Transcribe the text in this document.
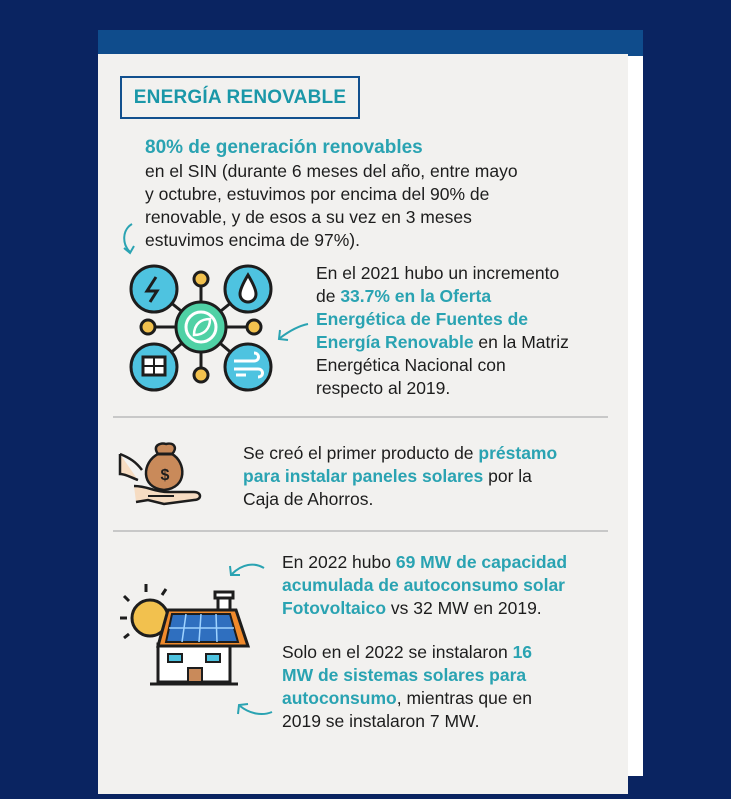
ENERGÍA RENOVABLE
80% de generación renovables
en el SIN (durante 6 meses del año, entre mayo
y octubre, estuvimos por encima del 90% de
renovable, y de esos a su vez en 3 meses
estuvimos encima de 97%).
En el 2021 hubo un incremento
de 33.7% en la Oferta
Energética de Fuentes de
Energía Renovable en la Matriz
Energética Nacional con
respecto al 2019.
$
Se creó el primer producto de préstamo
para instalar paneles solares por la
Caja de Ahorros.
En 2022 hubo 69 MW de capacidad
acumulada de autoconsumo solar
Fotovoltaico vs 32 MW en 2019.
Solo en el 2022 se instalaron 16
MW de sistemas solares para
autoconsumo, mientras que en
2019 se instalaron 7 MW.
